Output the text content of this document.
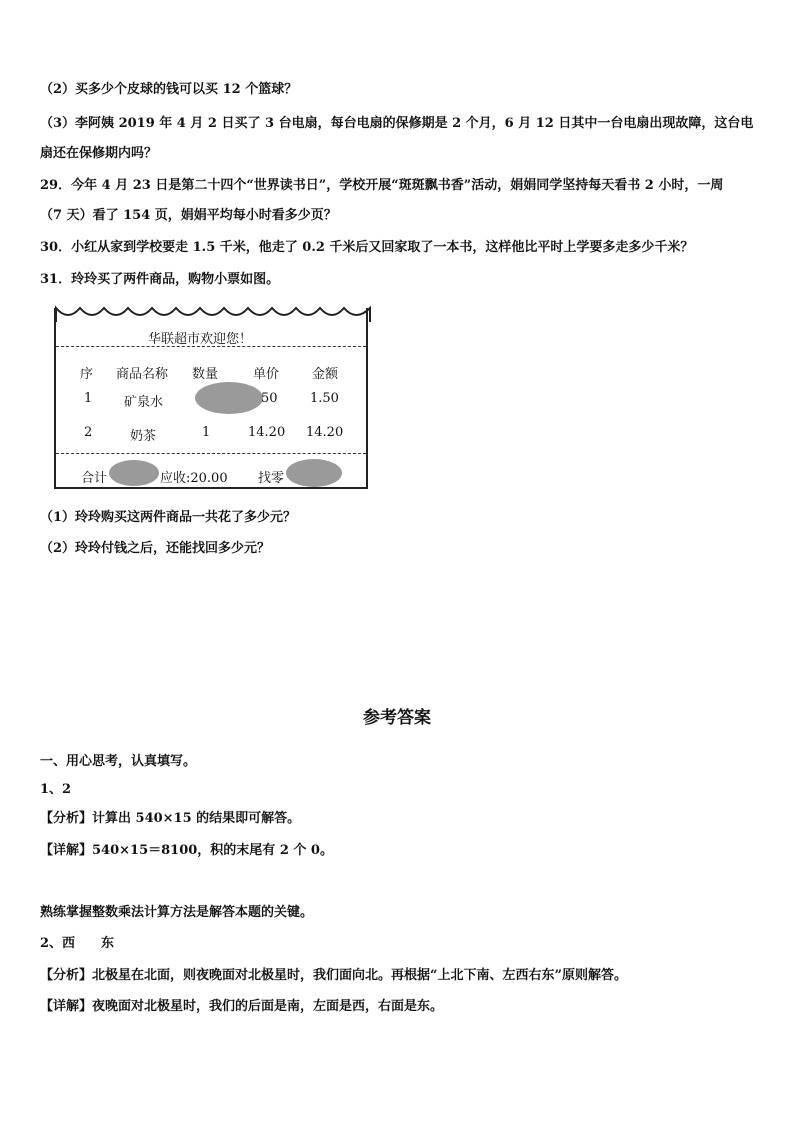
（2）买多少个皮球的钱可以买 12 个篮球？
（3）李阿姨 2019 年 4 月 2 日买了 3 台电扇，每台电扇的保修期是 2 个月，6 月 12 日其中一台电扇出现故障，这台电
扇还在保修期内吗？
29．今年 4 月 23 日是第二十四个“世界读书日”，学校开展“斑斑飘书香”活动，娟娟同学坚持每天看书 2 小时，一周
（7 天）看了 154 页，娟娟平均每小时看多少页？
30．小红从家到学校要走 1.5 千米，他走了 0.2 千米后又回家取了一本书，这样他比平时上学要多走多少千米？
31．玲玲买了两件商品，购物小票如图。
华联超市欢迎您！
序 商品名称 数量	单价	金额
1 矿泉水	50 1.50
2	奶茶	1	14.20 14.20
合计	应收:20.00 找零
（1）玲玲购买这两件商品一共花了多少元？
（2）玲玲付钱之后，还能找回多少元？
参考答案
一、用心思考，认真填写。
1、2
【分析】计算出 540×15 的结果即可解答。
【详解】540×15＝8100，积的末尾有 2 个 0。
熟练掌握整数乘法计算方法是解答本题的关键。
2、西　　东
【分析】北极星在北面，则夜晚面对北极星时，我们面向北。再根据“上北下南、左西右东”原则解答。
【详解】夜晚面对北极星时，我们的后面是南，左面是西，右面是东。
